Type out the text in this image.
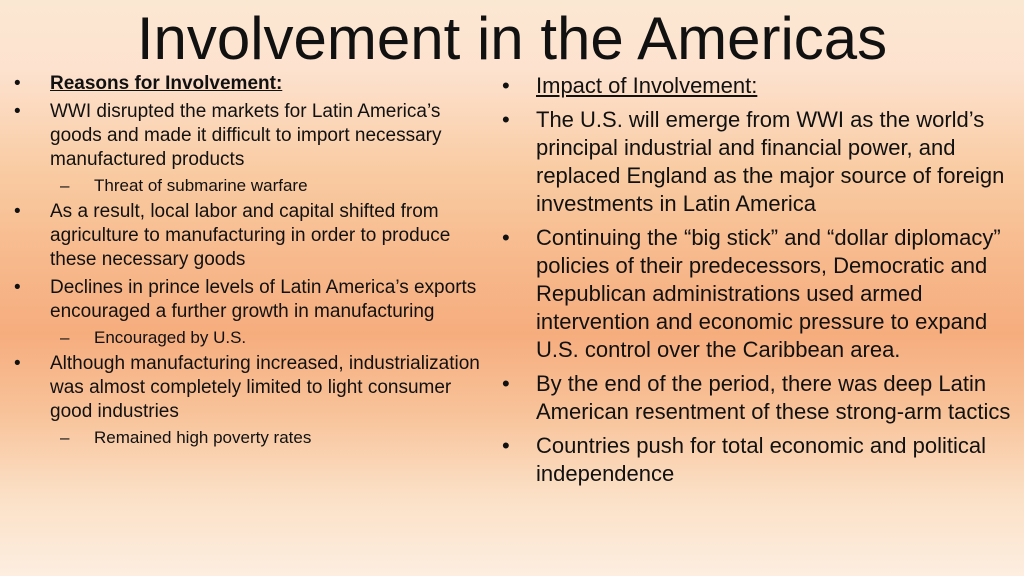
Involvement in the Americas
• Reasons for Involvement:
• WWI disrupted the markets for Latin America’s goods and made it difficult to import necessary manufactured products
– Threat of submarine warfare
• As a result, local labor and capital shifted from agriculture to manufacturing in order to produce these necessary goods
• Declines in prince levels of Latin America’s exports encouraged a further growth in manufacturing
– Encouraged by U.S.
• Although manufacturing increased, industrialization was almost completely limited to light consumer good industries
– Remained high poverty rates
• Impact of Involvement:
• The U.S. will emerge from WWI as the world’s principal industrial and financial power, and replaced England as the major source of foreign investments in Latin America
• Continuing the “big stick” and “dollar diplomacy” policies of their predecessors, Democratic and Republican administrations used armed intervention and economic pressure to expand U.S. control over the Caribbean area.
• By the end of the period, there was deep Latin American resentment of these strong-arm tactics
• Countries push for total economic and political independence
